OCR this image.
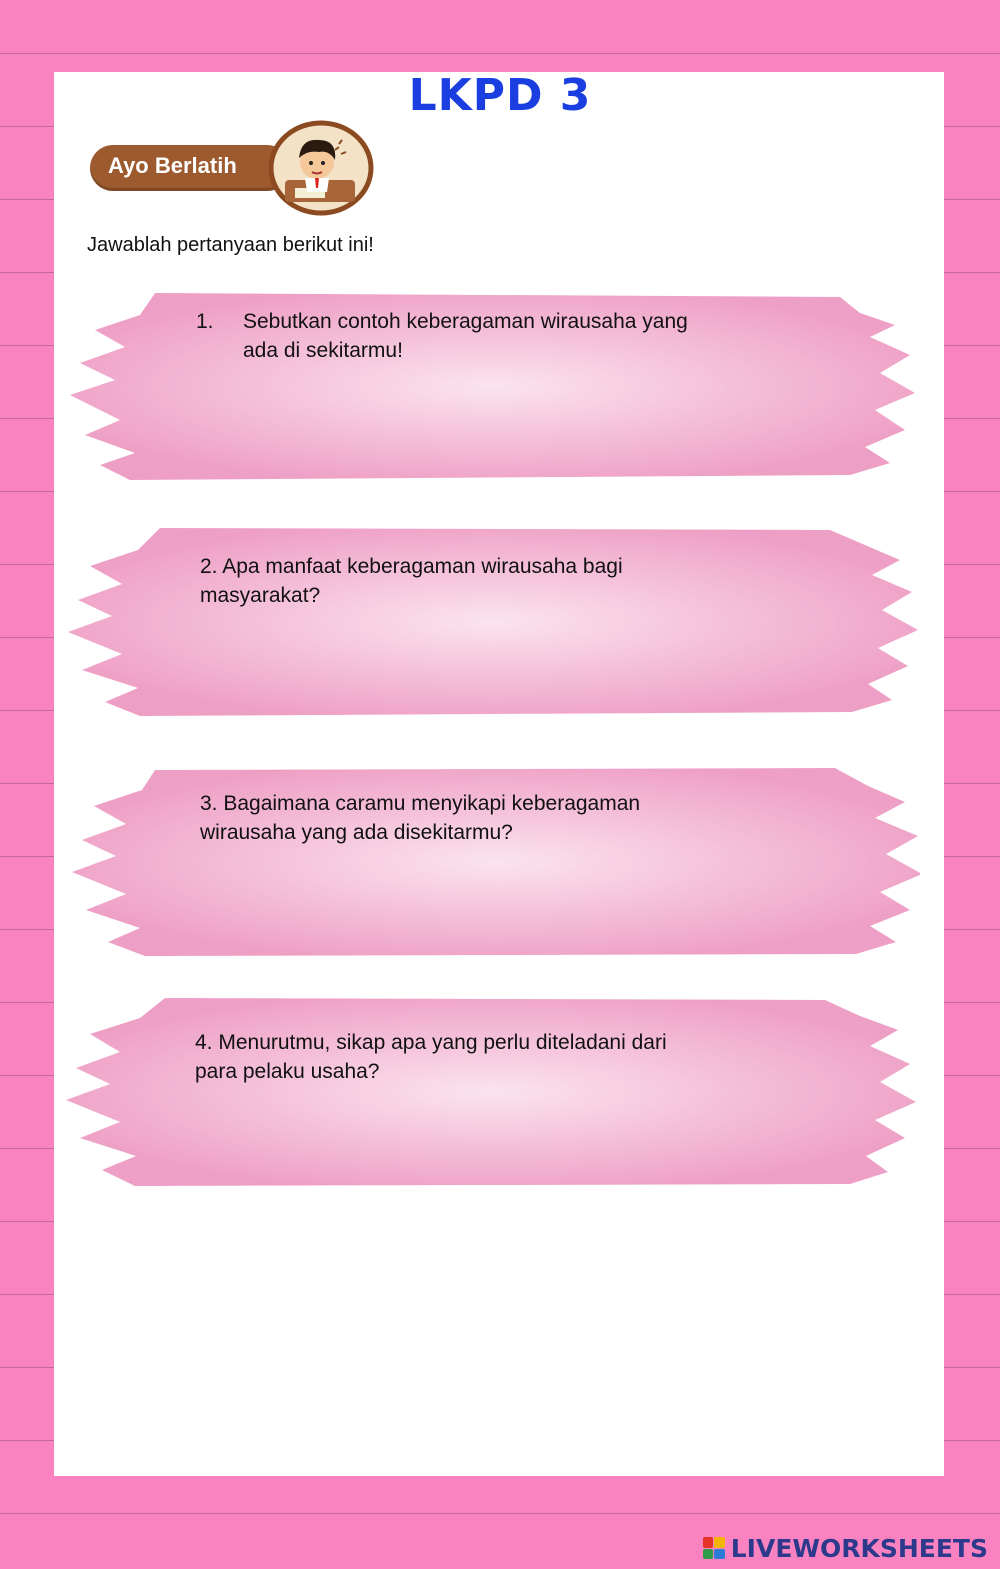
LKPD 3
Ayo Berlatih
Jawablah pertanyaan berikut ini!
1. Sebutkan contoh keberagaman wirausaha yang
ada di sekitarmu!
2. Apa manfaat keberagaman wirausaha bagi
masyarakat?
3. Bagaimana caramu menyikapi keberagaman
wirausaha yang ada disekitarmu?
4. Menurutmu, sikap apa yang perlu diteladani dari
para pelaku usaha?
LIVEWORKSHEETS
